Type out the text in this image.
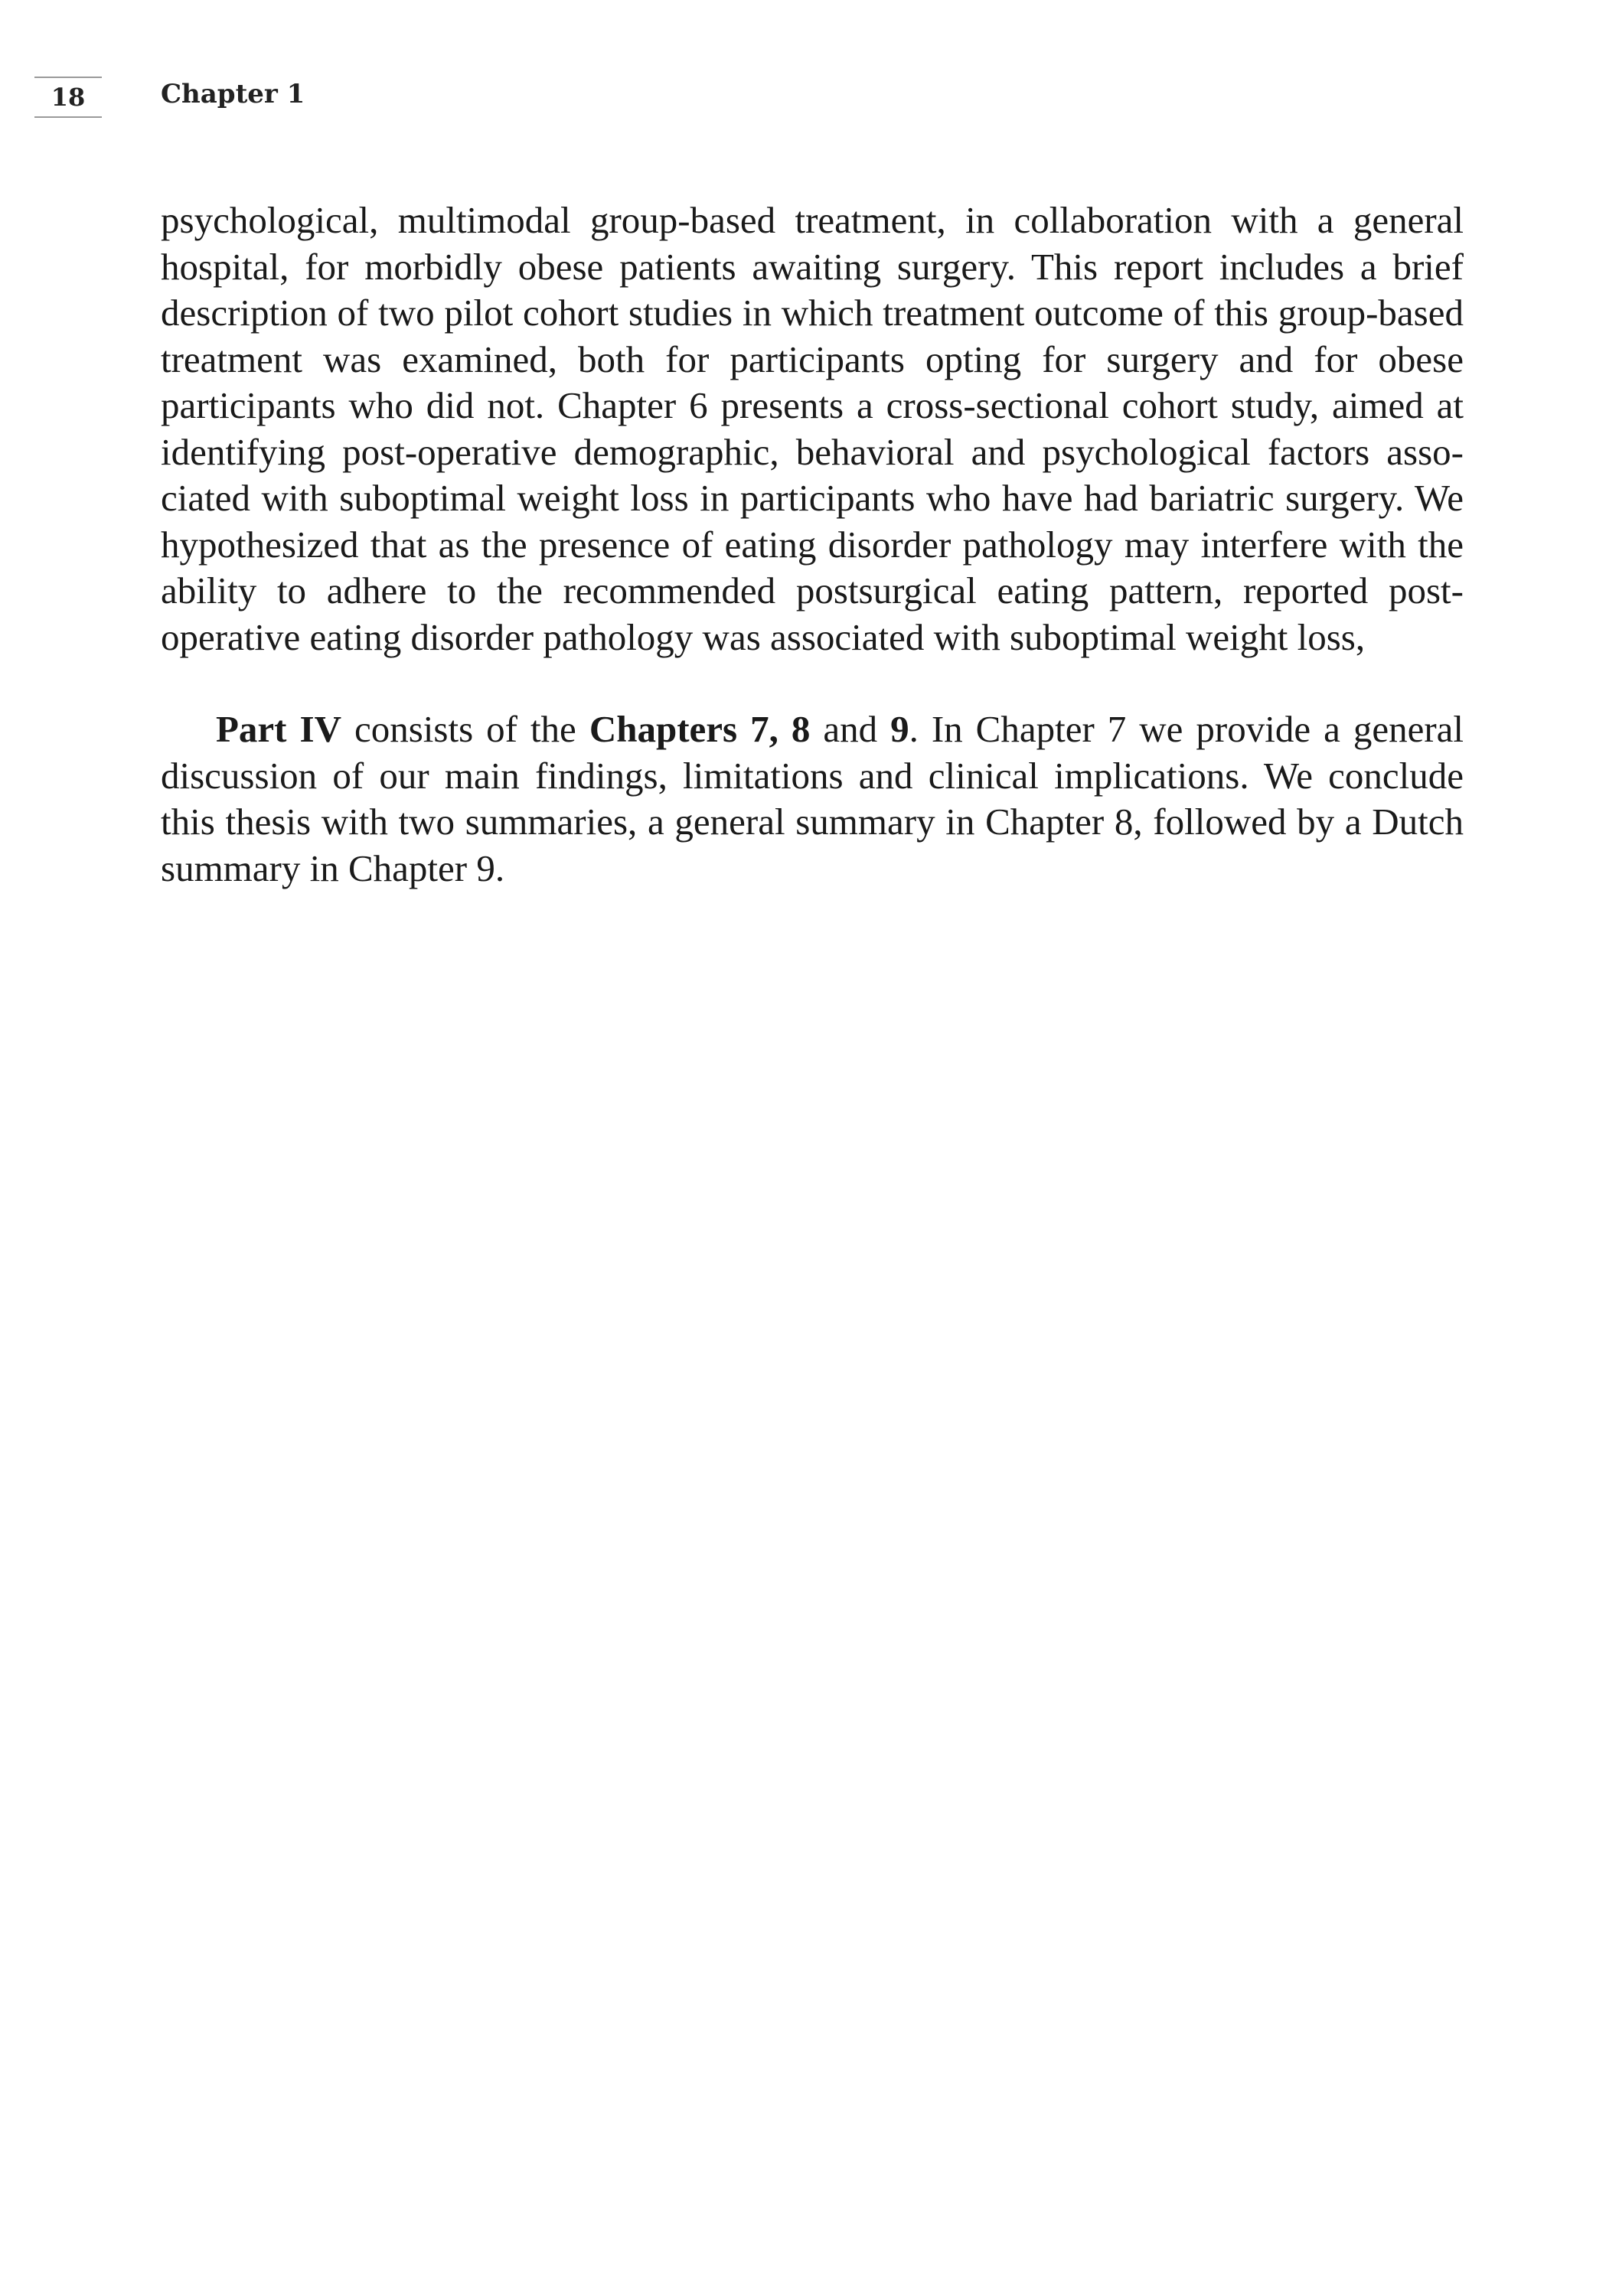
18	Chapter 1

psychological, multimodal group-based treatment, in collaboration with a general hospital, for morbidly obese patients awaiting surgery. This report includes a brief description of two pilot cohort studies in which treatment outcome of this group-based treatment was examined, both for participants opting for surgery and for obese participants who did not. Chapter 6 presents a cross-sectional cohort study, aimed at identifying post-operative demographic, behavioral and psychological factors associated with suboptimal weight loss in participants who have had bariatric surgery. We hypothesized that as the presence of eating disorder pathology may interfere with the ability to adhere to the recommended postsurgical eating pattern, reported post-operative eating disorder pathology was associated with suboptimal weight loss,

Part IV consists of the Chapters 7, 8 and 9. In Chapter 7 we provide a general discussion of our main findings, limitations and clinical implications. We conclude this thesis with two summaries, a general summary in Chapter 8, followed by a Dutch summary in Chapter 9.
